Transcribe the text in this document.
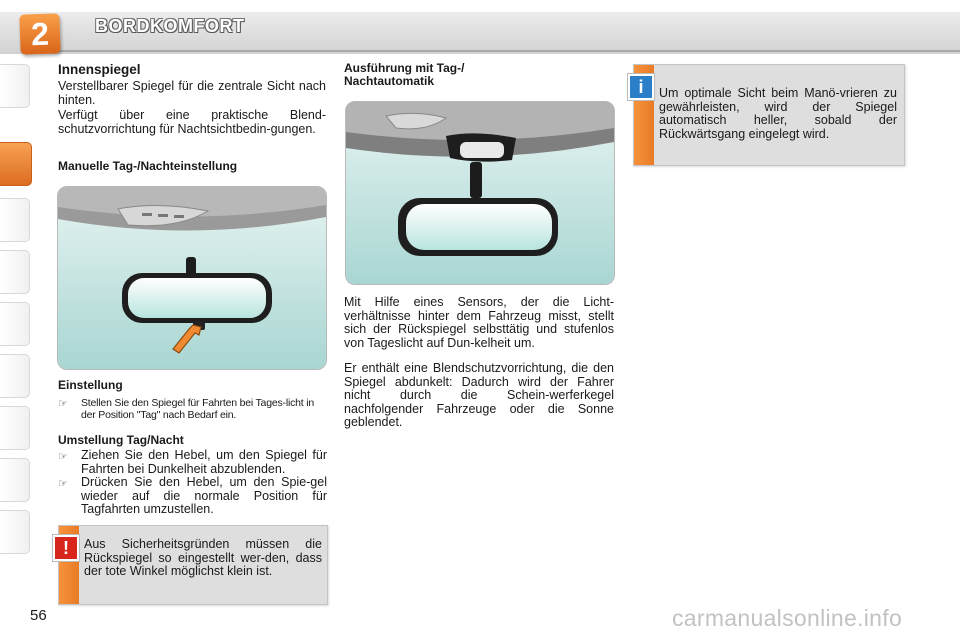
2	BORDKOMFORT
Innenspiegel

Verstellbarer Spiegel für die zentrale Sicht nach hinten.

Verfügt über eine praktische Blend-schutzvorrichtung für Nachtsichtbedin-gungen.

Manuelle Tag-/Nachteinstellung
Einstellung
☞ Stellen Sie den Spiegel für Fahrten bei Tages-licht in der Position "Tag" nach Bedarf ein.

Umstellung Tag/Nacht
☞ Ziehen Sie den Hebel, um den Spiegel für Fahrten bei Dunkelheit abzublenden.

☞ Drücken Sie den Hebel, um den Spie-gel wieder auf die normale Position für Tagfahrten umzustellen.

Aus Sicherheitsgründen müssen die Rückspiegel so eingestellt wer-den, dass der tote Winkel möglichst klein ist.

!
Ausführung mit Tag-/ Nachtautomatik

Mit Hilfe eines Sensors, der die Licht-verhältnisse hinter dem Fahrzeug misst, stellt sich der Rückspiegel selbsttätig und stufenlos von Tageslicht auf Dun-kelheit um.

Er enthält eine Blendschutzvorrichtung, die den Spiegel abdunkelt: Dadurch wird der Fahrer nicht durch die Schein-werferkegel nachfolgender Fahrzeuge oder die Sonne geblendet.

Um optimale Sicht beim Manö-vrieren zu gewährleisten, wird der Spiegel automatisch heller, sobald der Rückwärtsgang eingelegt wird.

i
56	carmanualsonline.info
